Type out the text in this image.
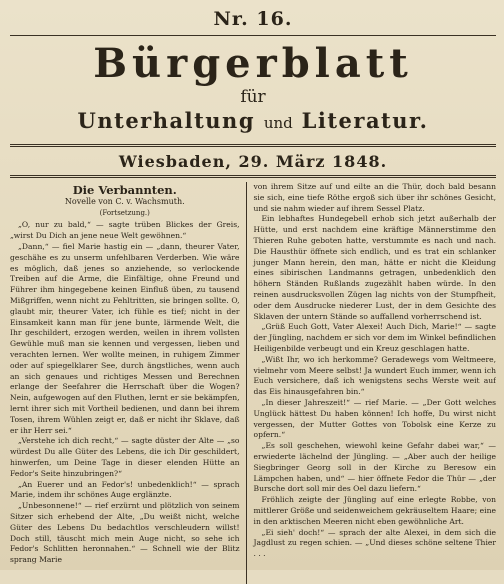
Nr. 16.
Bürgerblatt
für
Unterhaltung und Literatur.
Wiesbaden, 29. März 1848.
Die Verbannten.
Novelle von C. v. Wachsmuth.
(Fortsetzung.)

„O, nur zu bald,“ — sagte trüben Blickes der Greis, „wirst Du Dich an jene neue Welt gewöhnen.“

„Dann,“ — fiel Marie hastig ein — „dann, theurer Vater, geschähe es zu unserm unfehlbaren Verderben. Wie wäre es möglich, daß jenes so anziehende, so verlockende Treiben auf die Arme, die Einfältige, ohne Freund und Führer ihm hingegebene keinen Einfluß üben, zu tausend Mißgriffen, wenn nicht zu Fehltritten, sie bringen sollte. O, glaubt mir, theurer Vater, ich fühle es tief; nicht in der Einsamkeit kann man für jene bunte, lärmende Welt, die Ihr geschildert, erzogen werden, weilen in ihrem vollsten Gewühle muß man sie kennen und vergessen, lieben und verachten lernen. Wer wollte meinen, in ruhigem Zimmer oder auf spiegelklarer See, durch ängstliches, wenn auch an sich genaues und richtiges Messen und Berechnen erlange der Seefahrer die Herrschaft über die Wogen? Nein, aufgewogen auf den Fluthen, lernt er sie bekämpfen, lernt ihrer sich mit Vortheil bedienen, und dann bei ihrem Tosen, ihrem Wühlen zeigt er, daß er nicht ihr Sklave, daß er ihr Herr sei.“

„Verstehe ich dich recht,“ — sagte düster der Alte — „so würdest Du alle Güter des Lebens, die ich Dir geschildert, hinwerfen, um Deine Tage in dieser elenden Hütte an Fedor's Seite hinzubringen?“

„An Euerer und an Fedor's! unbedenklich!“ — sprach Marie, indem ihr schönes Auge erglänzte.

„Unbesonnene!“ — rief erzürnt und plötzlich von seinem Sitzer sich erhebend der Alte, „Du weißt nicht, welche Güter des Lebens Du bedachtlos verschleudern willst! Doch still, täuscht mich mein Auge nicht, so sehe ich Fedor's Schlitten heronnahen.“ — Schnell wie der Blitz sprang Marie

von ihrem Sitze auf und eilte an die Thür, doch bald besann sie sich, eine tiefe Röthe ergoß sich über ihr schönes Gesicht, und sie nahm wieder auf ihrem Sessel Platz.

Ein lebhaftes Hundegebell erhob sich jetzt außerhalb der Hütte, und erst nachdem eine kräftige Männerstimme den Thieren Ruhe geboten hatte, verstummte es nach und nach. Die Hausthür öffnete sich endlich, und es trat ein schlanker junger Mann herein, den man, hätte er nicht die Kleidung eines sibirischen Landmanns getragen, unbedenklich den höhern Ständen Rußlands zugezählt haben würde. In den reinen ausdrucksvollen Zügen lag nichts von der Stumpfheit, oder dem Ausdrucke niederer Lust, der in dem Gesichte des Sklaven der untern Stände so auffallend vorherrschend ist.

„Grüß Euch Gott, Vater Alexei! Auch Dich, Marie!“ — sagte der Jüngling, nachdem er sich vor dem im Winkel befindlichen Heiligenbilde verbeugt und ein Kreuz geschlagen hatte.

„Wißt Ihr, wo ich herkomme? Geradewegs vom Weltmeere, vielmehr vom Meere selbst! Ja wundert Euch immer, wenn ich Euch versichere, daß ich wenigstens sechs Werste weit auf das Eis hinausgefahren bin.“

„In dieser Jahreszeit!“ — rief Marie. — „Der Gott welches Unglück hättest Du haben können! Ich hoffe, Du wirst nicht vergessen, der Mutter Gottes von Tobolsk eine Kerze zu opfern.“

„Es soll geschehen, wiewohl keine Gefahr dabei war,“ — erwiederte lächelnd der Jüngling. — „Aber auch der heilige Siegbringer Georg soll in der Kirche zu Beresow ein Lämpchen haben, und“ — hier öffnete Fedor die Thür — „der Bursche dort soll mir des Oel dazu liefern.“

Fröhlich zeigte der Jüngling auf eine erlegte Robbe, von mittlerer Größe und seidenweichem gekräuseltem Haare; eine in den arktischen Meeren nicht eben gewöhnliche Art.

„Ei sieh' doch!“ — sprach der alte Alexei, in dem sich die Jagdlust zu regen schien. — „Und dieses schöne seltene Thier . . .
